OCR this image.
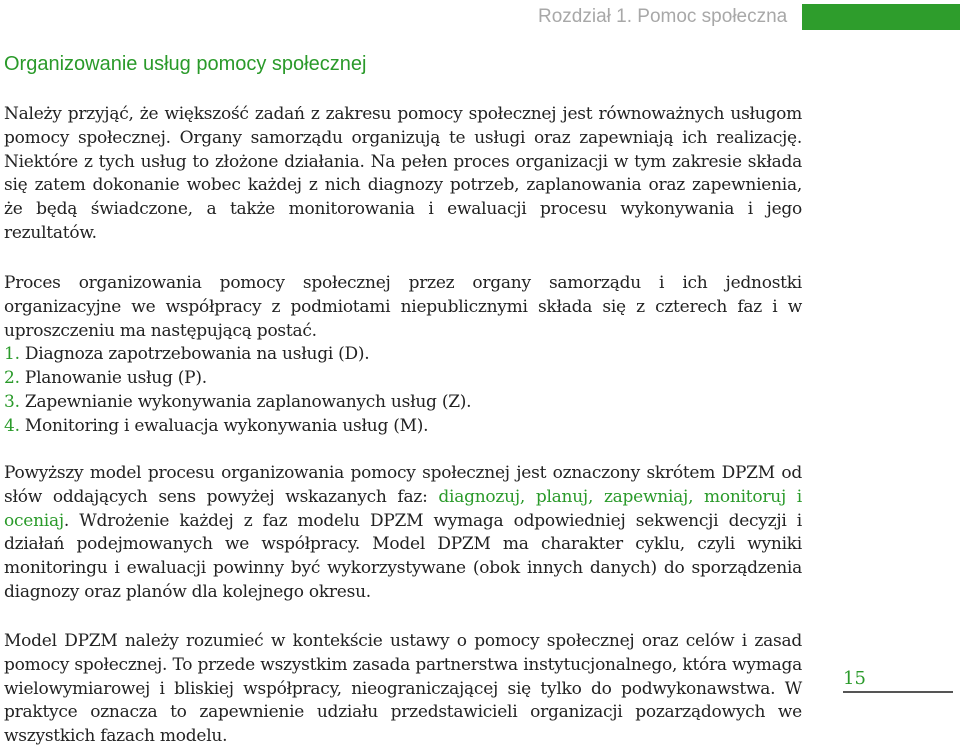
Rozdział 1. Pomoc społeczna
Organizowanie usług pomocy społecznej

Należy przyjąć, że większość zadań z zakresu pomocy społecznej jest równoważnych usługom pomocy społecznej. Organy samorządu organizują te usługi oraz zapewniają ich realizację. Niektóre z tych usług to złożone działania. Na pełen proces organizacji w tym zakresie składa się zatem dokonanie wobec każdej z nich diagnozy potrzeb, zaplanowania oraz zapewnienia, że będą świadczone, a także monitorowania i ewaluacji procesu wykonywania i jego rezultatów.

Proces organizowania pomocy społecznej przez organy samorządu i ich jednostki organizacyjne we współpracy z podmiotami niepublicznymi składa się z czterech faz i w uproszczeniu ma następującą postać.
1. Diagnoza zapotrzebowania na usługi (D).
2. Planowanie usług (P).
3. Zapewnianie wykonywania zaplanowanych usług (Z).
4. Monitoring i ewaluacja wykonywania usług (M).

Powyższy model procesu organizowania pomocy społecznej jest oznaczony skrótem DPZM od słów oddających sens powyżej wskazanych faz: diagnozuj, planuj, zapewniaj, monitoruj i oceniaj. Wdrożenie każdej z faz modelu DPZM wymaga odpowiedniej sekwencji decyzji i działań podejmowanych we współpracy. Model DPZM ma charakter cyklu, czyli wyniki monitoringu i ewaluacji powinny być wykorzystywane (obok innych danych) do sporządzenia diagnozy oraz planów dla kolejnego okresu.

Model DPZM należy rozumieć w kontekście ustawy o pomocy społecznej oraz celów i zasad pomocy społecznej. To przede wszystkim zasada partnerstwa instytucjonalnego, która wymaga wielowymiarowej i bliskiej współpracy, nieograniczającej się tylko do podwykonawstwa. W praktyce oznacza to zapewnienie udziału przedstawicieli organizacji pozarządowych we wszystkich fazach modelu.

15
